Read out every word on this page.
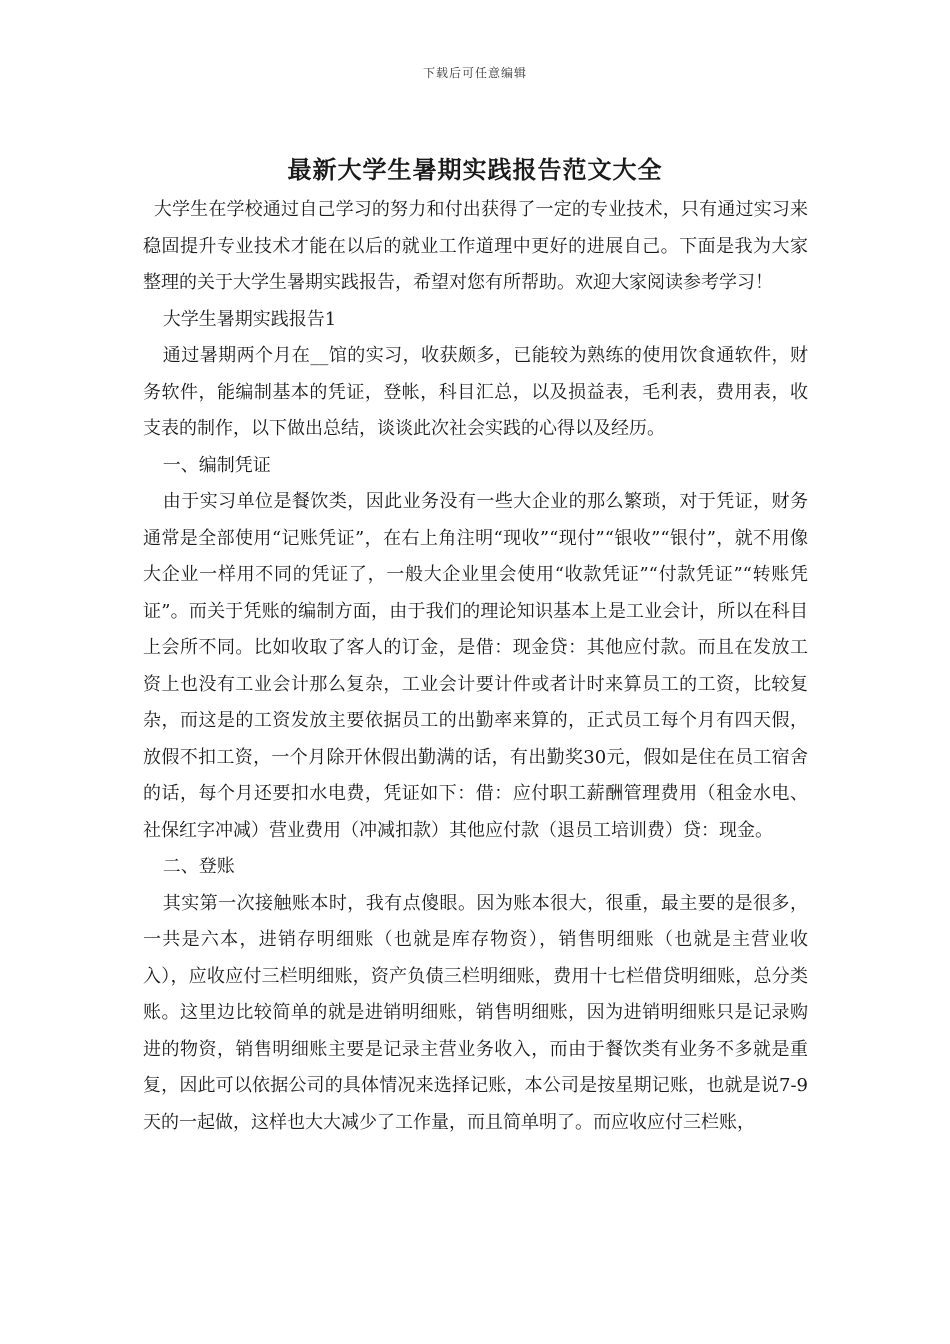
下载后可任意编辑
最新大学生暑期实践报告范文大全

大学生在学校通过自己学习的努力和付出获得了一定的专业技术，只有通过实习来稳固提升专业技术才能在以后的就业工作道理中更好的进展自己。下面是我为大家整理的关于大学生暑期实践报告，希望对您有所帮助。欢迎大家阅读参考学习！

大学生暑期实践报告1

通过暑期两个月在__馆的实习，收获颇多，已能较为熟练的使用饮食通软件，财务软件，能编制基本的凭证，登帐，科目汇总，以及损益表，毛利表，费用表，收支表的制作，以下做出总结，谈谈此次社会实践的心得以及经历。

一、编制凭证

由于实习单位是餐饮类，因此业务没有一些大企业的那么繁琐，对于凭证，财务通常是全部使用“记账凭证”，在右上角注明“现收”“现付”“银收”“银付”，就不用像大企业一样用不同的凭证了，一般大企业里会使用“收款凭证”“付款凭证”“转账凭证”。而关于凭账的编制方面，由于我们的理论知识基本上是工业会计，所以在科目上会所不同。比如收取了客人的订金，是借：现金贷：其他应付款。而且在发放工资上也没有工业会计那么复杂，工业会计要计件或者计时来算员工的工资，比较复杂，而这是的工资发放主要依据员工的出勤率来算的，正式员工每个月有四天假，放假不扣工资，一个月除开休假出勤满的话，有出勤奖30元，假如是住在员工宿舍的话，每个月还要扣水电费，凭证如下：借：应付职工薪酬管理费用（租金水电、社保红字冲减）营业费用（冲减扣款）其他应付款（退员工培训费）贷：现金。

二、登账

其实第一次接触账本时，我有点傻眼。因为账本很大，很重，最主要的是很多，一共是六本，进销存明细账（也就是库存物资），销售明细账（也就是主营业收入），应收应付三栏明细账，资产负债三栏明细账，费用十七栏借贷明细账，总分类账。这里边比较简单的就是进销明细账，销售明细账，因为进销明细账只是记录购进的物资，销售明细账主要是记录主营业务收入，而由于餐饮类有业务不多就是重复，因此可以依据公司的具体情况来选择记账，本公司是按星期记账，也就是说7-9天的一起做，这样也大大减少了工作量，而且简单明了。而应收应付三栏账，
